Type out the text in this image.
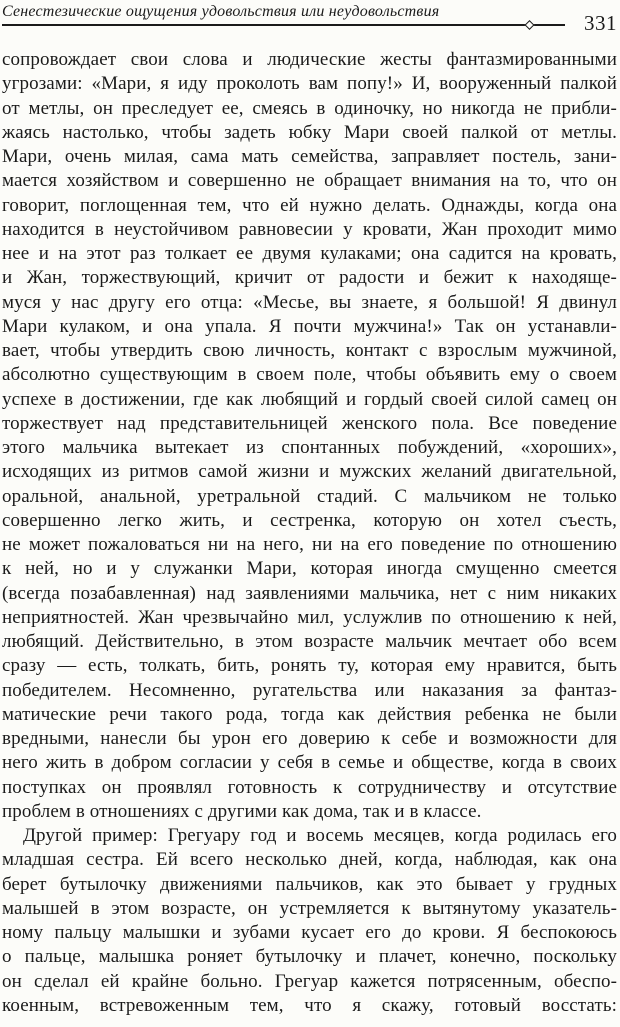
Сенестезические ощущения удовольствия или неудовольствия	331
сопровождает свои слова и людические жесты фантазмированными
угрозами: «Мари, я иду проколоть вам попу!» И, вооруженный палкой
от метлы, он преследует ее, смеясь в одиночку, но никогда не прибли-
жаясь настолько, чтобы задеть юбку Мари своей палкой от метлы.
Мари, очень милая, сама мать семейства, заправляет постель, зани-
мается хозяйством и совершенно не обращает внимания на то, что он
говорит, поглощенная тем, что ей нужно делать. Однажды, когда она
находится в неустойчивом равновесии у кровати, Жан проходит мимо
нее и на этот раз толкает ее двумя кулаками; она садится на кровать,
и Жан, торжествующий, кричит от радости и бежит к находяще-
муся у нас другу его отца: «Месье, вы знаете, я большой! Я двинул
Мари кулаком, и она упала. Я почти мужчина!» Так он устанавли-
вает, чтобы утвердить свою личность, контакт с взрослым мужчиной,
абсолютно существующим в своем поле, чтобы объявить ему о своем
успехе в достижении, где как любящий и гордый своей силой самец он
торжествует над представительницей женского пола. Все поведение
этого мальчика вытекает из спонтанных побуждений, «хороших»,
исходящих из ритмов самой жизни и мужских желаний двигательной,
оральной, анальной, уретральной стадий. С мальчиком не только
совершенно легко жить, и сестренка, которую он хотел съесть,
не может пожаловаться ни на него, ни на его поведение по отношению
к ней, но и у служанки Мари, которая иногда смущенно смеется
(всегда позабавленная) над заявлениями мальчика, нет с ним никаких
неприятностей. Жан чрезвычайно мил, услужлив по отношению к ней,
любящий. Действительно, в этом возрасте мальчик мечтает обо всем
сразу — есть, толкать, бить, ронять ту, которая ему нравится, быть
победителем. Несомненно, ругательства или наказания за фантаз-
матические речи такого рода, тогда как действия ребенка не были
вредными, нанесли бы урон его доверию к себе и возможности для
него жить в добром согласии у себя в семье и обществе, когда в своих
поступках он проявлял готовность к сотрудничеству и отсутствие
проблем в отношениях с другими как дома, так и в классе.
Другой пример: Грегуару год и восемь месяцев, когда родилась его
младшая сестра. Ей всего несколько дней, когда, наблюдая, как она
берет бутылочку движениями пальчиков, как это бывает у грудных
малышей в этом возрасте, он устремляется к вытянутому указатель-
ному пальцу малышки и зубами кусает его до крови. Я беспокоюсь
о пальце, малышка роняет бутылочку и плачет, конечно, поскольку
он сделал ей крайне больно. Грегуар кажется потрясенным, обеспо-
коенным, встревоженным тем, что я скажу, готовый восстать:
